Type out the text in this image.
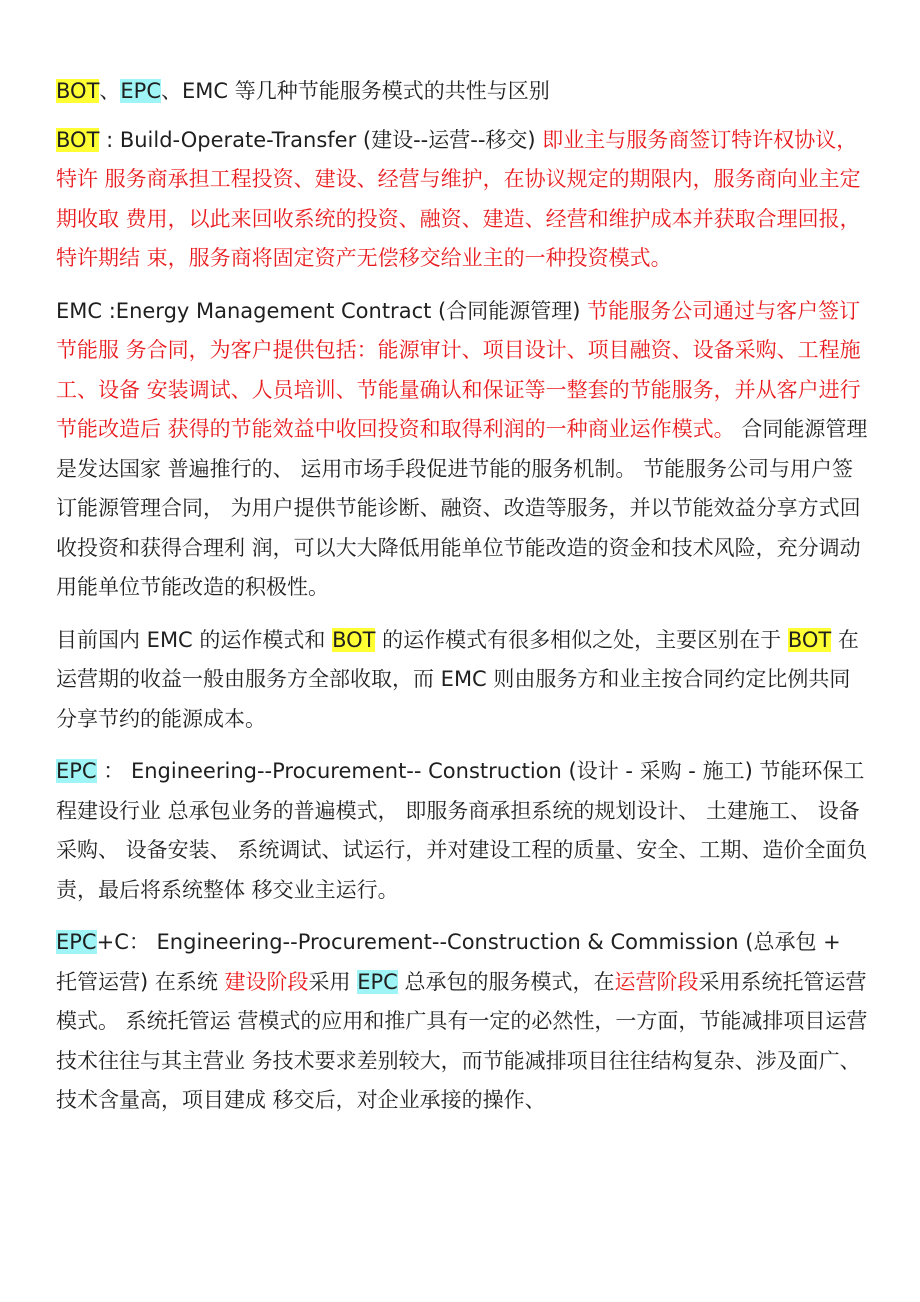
BOT、EPC、EMC 等几种节能服务模式的共性与区别

BOT : Build-Operate-Transfer (建设--运营--移交) 即业主与服务商签订特许权协议， 特许 服务商承担工程投资、建设、经营与维护，在协议规定的期限内，服务商向业主定期收取 费用，以此来回收系统的投资、融资、建造、经营和维护成本并获取合理回报，特许期结 束，服务商将固定资产无偿移交给业主的一种投资模式。

EMC :Energy Management Contract (合同能源管理) 节能服务公司通过与客户签订节能服 务合同，为客户提供包括：能源审计、项目设计、项目融资、设备采购、工程施工、设备 安装调试、人员培训、节能量确认和保证等一整套的节能服务，并从客户进行节能改造后 获得的节能效益中收回投资和取得利润的一种商业运作模式。 合同能源管理是发达国家 普遍推行的、 运用市场手段促进节能的服务机制。 节能服务公司与用户签订能源管理合同， 为用户提供节能诊断、融资、改造等服务，并以节能效益分享方式回收投资和获得合理利 润，可以大大降低用能单位节能改造的资金和技术风险，充分调动用能单位节能改造的积极性。

目前国内 EMC 的运作模式和 BOT 的运作模式有很多相似之处，主要区别在于 BOT 在运营期的收益一般由服务方全部收取，而 EMC 则由服务方和业主按合同约定比例共同 分享节约的能源成本。

EPC ： Engineering--Procurement-- Construction (设计 - 采购 - 施工) 节能环保工程建设行业 总承包业务的普遍模式， 即服务商承担系统的规划设计、 土建施工、 设备采购、 设备安装、 系统调试、试运行，并对建设工程的质量、安全、工期、造价全面负责，最后将系统整体 移交业主运行。

EPC+C： Engineering--Procurement--Construction & Commission (总承包 + 托管运营) 在系统 建设阶段采用 EPC 总承包的服务模式，在运营阶段采用系统托管运营模式。 系统托管运 营模式的应用和推广具有一定的必然性，一方面，节能减排项目运营技术往往与其主营业 务技术要求差别较大，而节能减排项目往往结构复杂、涉及面广、技术含量高，项目建成 移交后，对企业承接的操作、
